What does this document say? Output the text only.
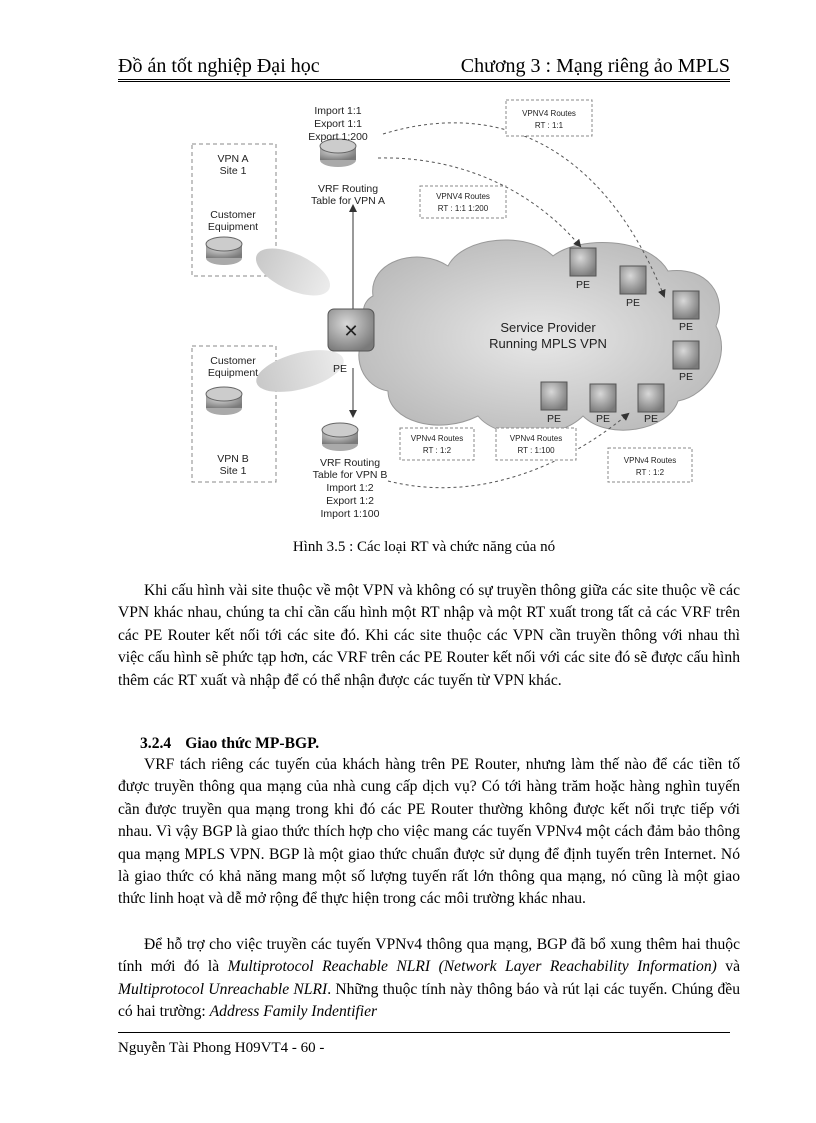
Đồ án tốt nghiệp Đại học	Chương 3 : Mạng riêng ảo MPLS
✕
Import 1:1
Export 1:1
Export 1:200
VRF Routing
Table for VPN A
VPN A
Site 1
Customer
Equipment
Customer
Equipment
VPN B
Site 1
VRF Routing
Table for VPN B
Import 1:2
Export 1:2
Import 1:100
PE
PE
PE
PE
PE
PE	PE	PE
Service Provider
Running MPLS VPN
VPNV4 Routes
RT : 1:1
VPNV4 Routes
RT : 1:1 1:200
VPNv4 Routes
RT : 1:2
VPNv4 Routes
RT : 1:100
VPNv4 Routes
RT : 1:2
Hình 3.5 : Các loại RT và chức năng của nó
Khi cấu hình vài site thuộc về một VPN và không có sự truyền thông giữa các site thuộc về các VPN khác nhau, chúng ta chỉ cần cấu hình một RT nhập và một RT xuất trong tất cả các VRF trên các PE Router kết nối tới các site đó. Khi các site thuộc các VPN cần truyền thông với nhau thì việc cấu hình sẽ phức tạp hơn, các VRF trên các PE Router kết nối với các site đó sẽ được cấu hình thêm các RT xuất và nhập để có thể nhận được các tuyến từ VPN khác.
3.2.4 Giao thức MP-BGP.
VRF tách riêng các tuyến của khách hàng trên PE Router, nhưng làm thế nào để các tiền tố được truyền thông qua mạng của nhà cung cấp dịch vụ? Có tới hàng trăm hoặc hàng nghìn tuyến cần được truyền qua mạng trong khi đó các PE Router thường không được kết nối trực tiếp với nhau. Vì vậy BGP là giao thức thích hợp cho việc mang các tuyến VPNv4 một cách đảm bảo thông qua mạng MPLS VPN. BGP là một giao thức chuẩn được sử dụng để định tuyến trên Internet. Nó là giao thức có khả năng mang một số lượng tuyến rất lớn thông qua mạng, nó cũng là một giao thức linh hoạt và dễ mở rộng để thực hiện trong các môi trường khác nhau.
Để hỗ trợ cho việc truyền các tuyến VPNv4 thông qua mạng, BGP đã bổ xung thêm hai thuộc tính mới đó là Multiprotocol Reachable NLRI (Network Layer Reachability Information) và Multiprotocol Unreachable NLRI. Những thuộc tính này thông báo và rút lại các tuyến. Chúng đều có hai trường: Address Family Indentifier
Nguyễn Tài Phong H09VT4 - 60 -
